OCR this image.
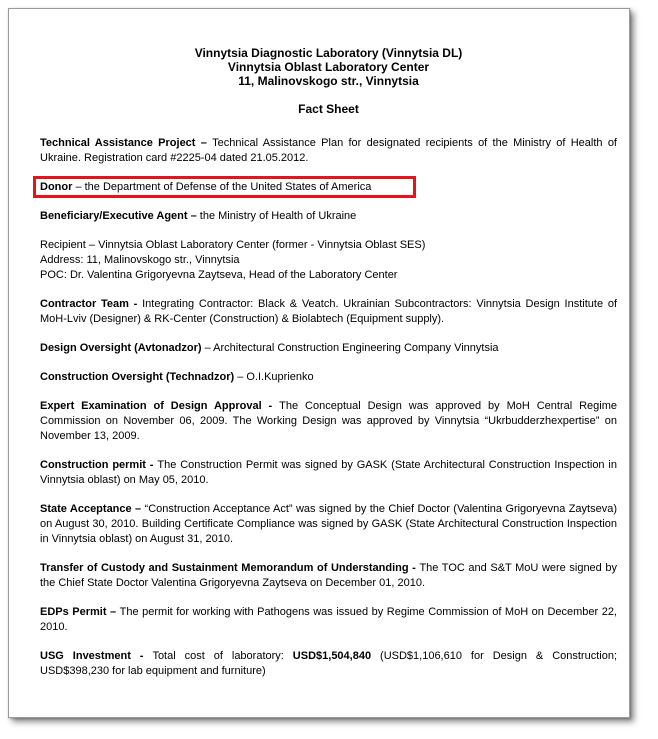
Vinnytsia Diagnostic Laboratory (Vinnytsia DL)
Vinnytsia Oblast Laboratory Center
11, Malinovskogo str., Vinnytsia
Fact Sheet

Technical Assistance Project – Technical Assistance Plan for designated recipients of the Ministry of Health of Ukraine. Registration card #2225-04 dated 21.05.2012.

Donor – the Department of Defense of the United States of America

Beneficiary/Executive Agent – the Ministry of Health of Ukraine

Recipient – Vinnytsia Oblast Laboratory Center (former - Vinnytsia Oblast SES)
Address: 11, Malinovskogo str., Vinnytsia
POC: Dr. Valentina Grigoryevna Zaytseva, Head of the Laboratory Center

Contractor Team - Integrating Contractor: Black & Veatch. Ukrainian Subcontractors: Vinnytsia Design Institute of MoH-Lviv (Designer) & RK-Center (Construction) & Biolabtech (Equipment supply).

Design Oversight (Avtonadzor) – Architectural Construction Engineering Company Vinnytsia

Construction Oversight (Technadzor) – O.I.Kuprienko

Expert Examination of Design Approval - The Conceptual Design was approved by MoH Central Regime Commission on November 06, 2009. The Working Design was approved by Vinnytsia “Ukrbudderzhexpertise” on November 13, 2009.

Construction permit - The Construction Permit was signed by GASK (State Architectural Construction Inspection in Vinnytsia oblast) on May 05, 2010.

State Acceptance – “Construction Acceptance Act” was signed by the Chief Doctor (Valentina Grigoryevna Zaytseva) on August 30, 2010. Building Certificate Compliance was signed by GASK (State Architectural Construction Inspection in Vinnytsia oblast) on August 31, 2010.

Transfer of Custody and Sustainment Memorandum of Understanding - The TOC and S&T MoU were signed by the Chief State Doctor Valentina Grigoryevna Zaytseva on December 01, 2010.

EDPs Permit – The permit for working with Pathogens was issued by Regime Commission of MoH on December 22, 2010.

USG Investment - Total cost of laboratory: USD$1,504,840 (USD$1,106,610 for Design & Construction; USD$398,230 for lab equipment and furniture)
